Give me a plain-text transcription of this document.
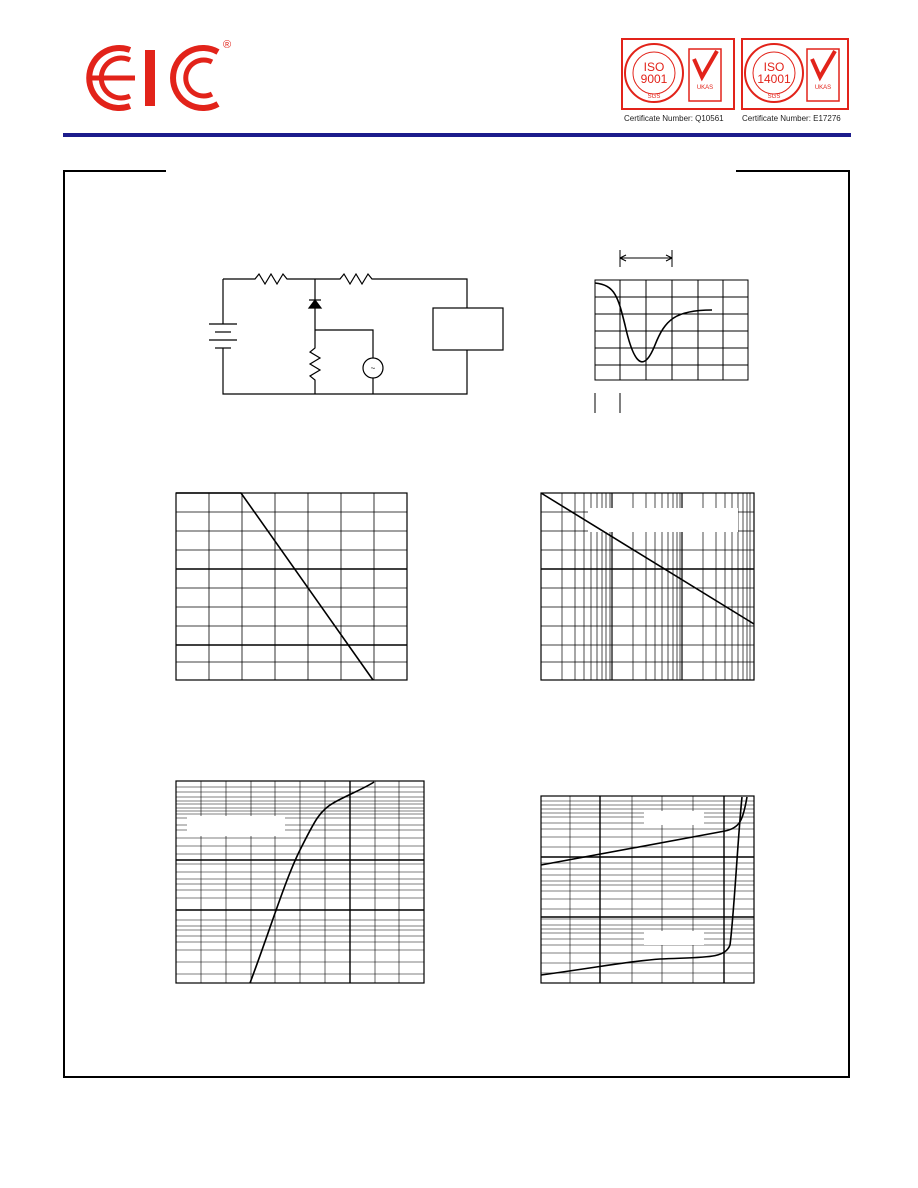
®
ISO
9001
SGS
UKAS
Certificate Number: Q10561
ISO
14001
SGS
UKAS
Certificate Number: E17276
~
